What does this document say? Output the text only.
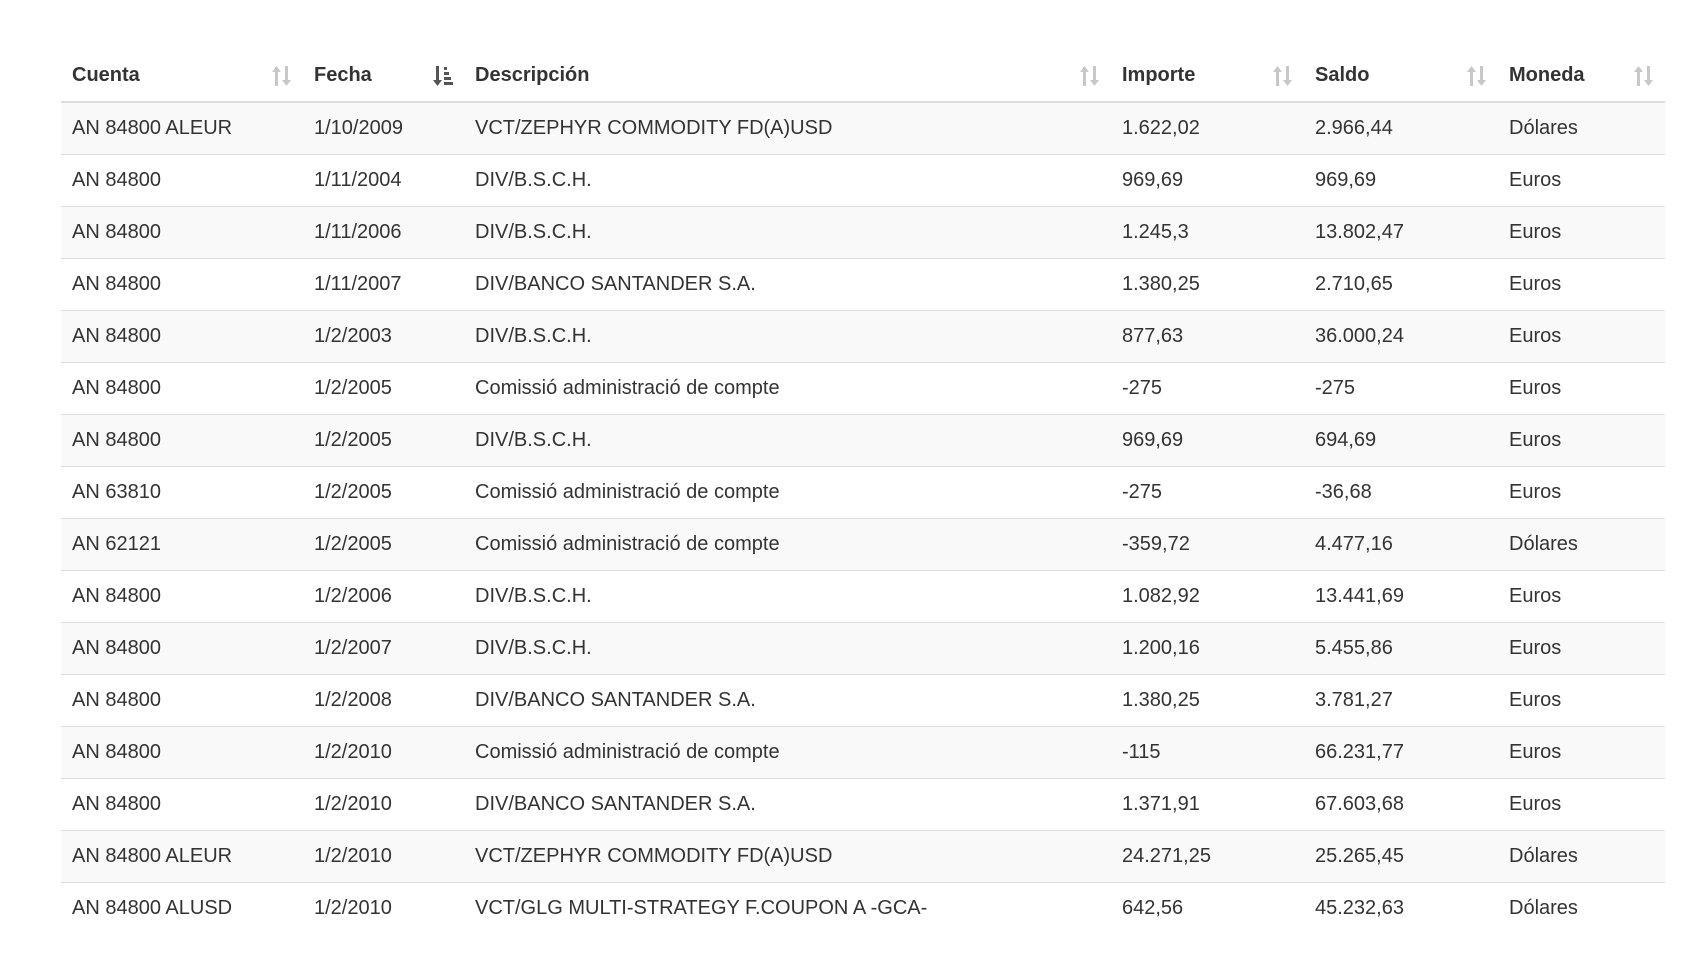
Cuenta	Fecha	Descripción	Importe	Saldo	Moneda

AN 84800 ALEUR	1/10/2009	VCT/ZEPHYR COMMODITY FD(A)USD	1.622,02	2.966,44	Dólares
AN 84800	1/11/2004	DIV/B.S.C.H.	969,69	969,69	Euros
AN 84800	1/11/2006	DIV/B.S.C.H.	1.245,3	13.802,47	Euros
AN 84800	1/11/2007	DIV/BANCO SANTANDER S.A.	1.380,25	2.710,65	Euros
AN 84800	1/2/2003	DIV/B.S.C.H.	877,63	36.000,24	Euros
AN 84800	1/2/2005	Comissió administració de compte	-275	-275	Euros
AN 84800	1/2/2005	DIV/B.S.C.H.	969,69	694,69	Euros
AN 63810	1/2/2005	Comissió administració de compte	-275	-36,68	Euros
AN 62121	1/2/2005	Comissió administració de compte	-359,72	4.477,16	Dólares
AN 84800	1/2/2006	DIV/B.S.C.H.	1.082,92	13.441,69	Euros
AN 84800	1/2/2007	DIV/B.S.C.H.	1.200,16	5.455,86	Euros
AN 84800	1/2/2008	DIV/BANCO SANTANDER S.A.	1.380,25	3.781,27	Euros
AN 84800	1/2/2010	Comissió administració de compte	-115	66.231,77	Euros
AN 84800	1/2/2010	DIV/BANCO SANTANDER S.A.	1.371,91	67.603,68	Euros
AN 84800 ALEUR	1/2/2010	VCT/ZEPHYR COMMODITY FD(A)USD	24.271,25	25.265,45	Dólares
AN 84800 ALUSD	1/2/2010	VCT/GLG MULTI-STRATEGY F.COUPON A -GCA-	642,56	45.232,63	Dólares
